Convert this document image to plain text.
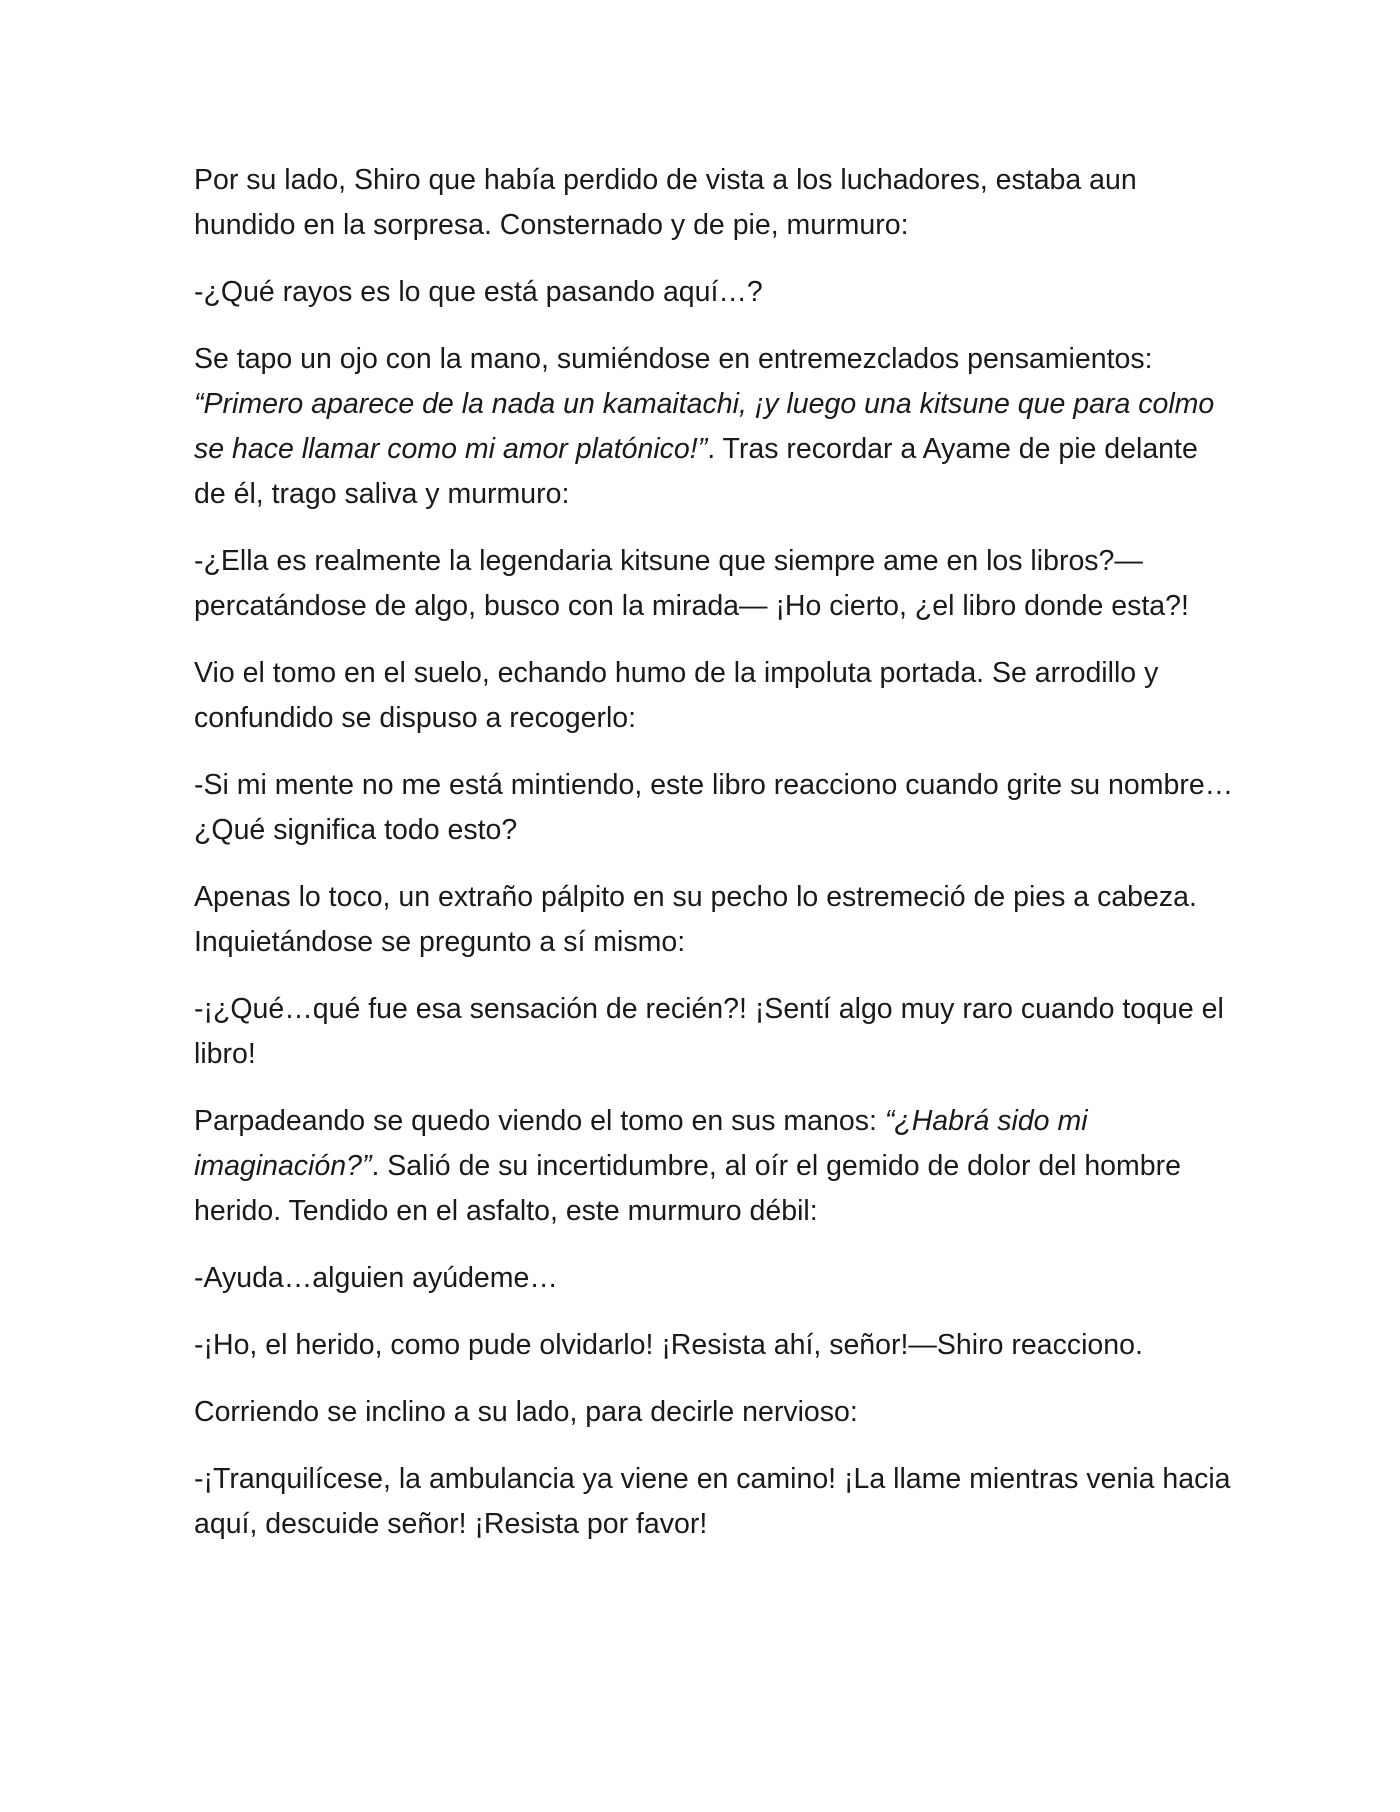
Por su lado, Shiro que había perdido de vista a los luchadores, estaba aun hundido en la sorpresa. Consternado y de pie, murmuro:

-¿Qué rayos es lo que está pasando aquí…?

Se tapo un ojo con la mano, sumiéndose en entremezclados pensamientos: “Primero aparece de la nada un kamaitachi, ¡y luego una kitsune que para colmo se hace llamar como mi amor platónico!”. Tras recordar a Ayame de pie delante de él, trago saliva y murmuro:

-¿Ella es realmente la legendaria kitsune que siempre ame en los libros?—percatándose de algo, busco con la mirada— ¡Ho cierto, ¿el libro donde esta?!

Vio el tomo en el suelo, echando humo de la impoluta portada. Se arrodillo y confundido se dispuso a recogerlo:

-Si mi mente no me está mintiendo, este libro reacciono cuando grite su nombre… ¿Qué significa todo esto?

Apenas lo toco, un extraño pálpito en su pecho lo estremeció de pies a cabeza. Inquietándose se pregunto a sí mismo:

-¡¿Qué…qué fue esa sensación de recién?! ¡Sentí algo muy raro cuando toque el libro!

Parpadeando se quedo viendo el tomo en sus manos: “¿Habrá sido mi imaginación?”. Salió de su incertidumbre, al oír el gemido de dolor del hombre herido. Tendido en el asfalto, este murmuro débil:

-Ayuda…alguien ayúdeme…

-¡Ho, el herido, como pude olvidarlo! ¡Resista ahí, señor!—Shiro reacciono.

Corriendo se inclino a su lado, para decirle nervioso:

-¡Tranquilícese, la ambulancia ya viene en camino! ¡La llame mientras venia hacia aquí, descuide señor! ¡Resista por favor!
